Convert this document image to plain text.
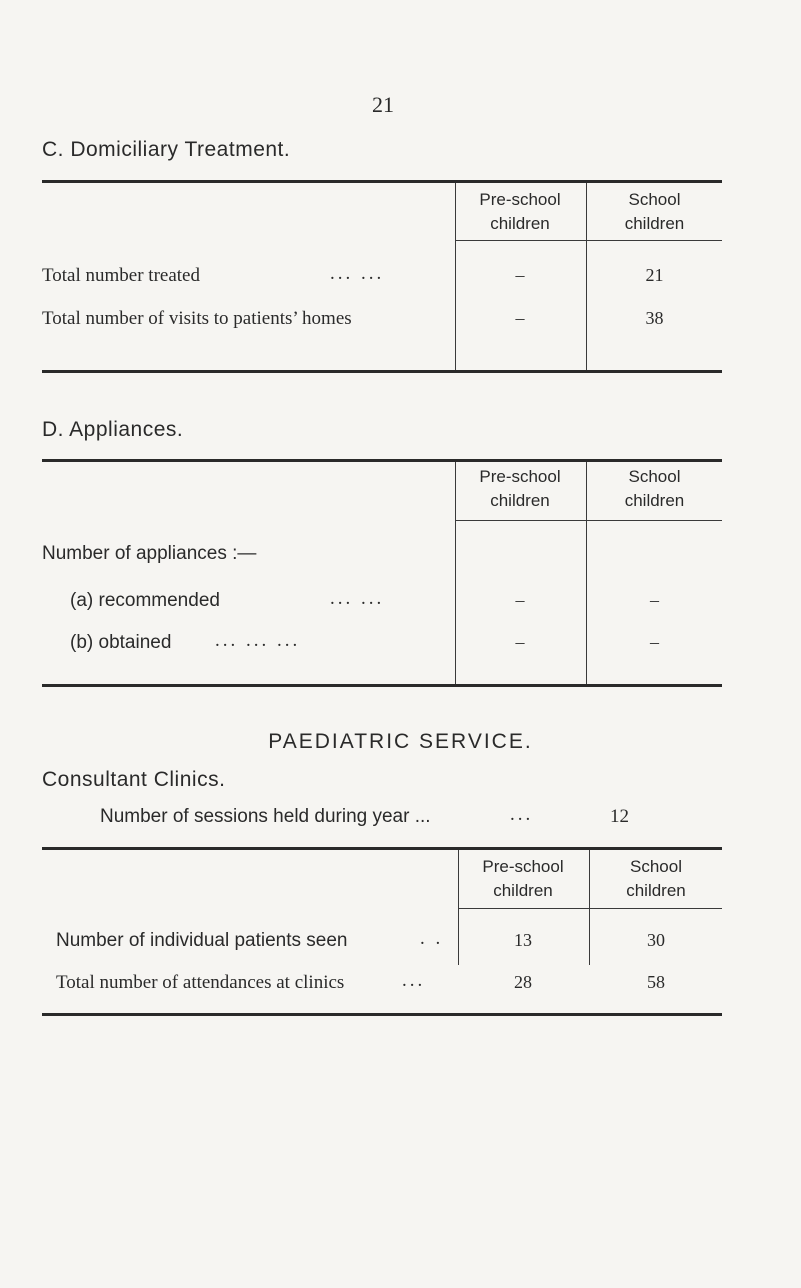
21
C. Domiciliary Treatment.
Pre-school
children
School
children
Total number treated	... ...	–	21
Total number of visits to patients’ homes	–	38
D. Appliances.
Pre-school
children
School
children
Number of appliances :—
(a) recommended	... ...	–	–
(b) obtained ... ... ...	–	–
PAEDIATRIC SERVICE.
Consultant Clinics.
Number of sessions held during year ...	...	12
Pre-school
children
School
children
Number of individual patients seen	. .	13	30
Total number of attendances at clinics	...	28	58
